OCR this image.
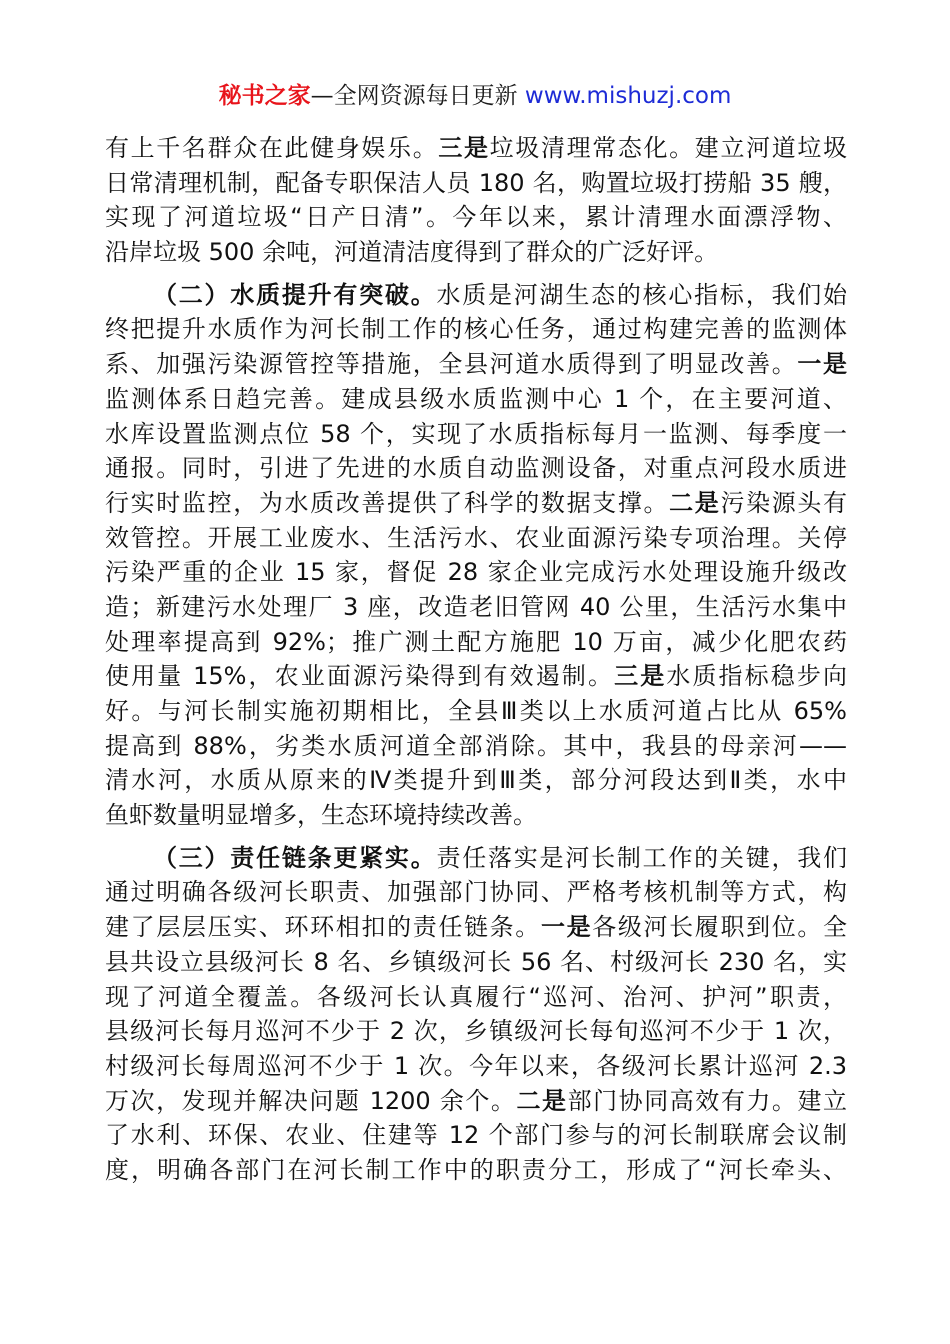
秘书之家—全网资源每日更新 www.mishuzj.com
有上千名群众在此健身娱乐。三是垃圾清理常态化。建立河道垃圾
日常清理机制，配备专职保洁人员 180 名，购置垃圾打捞船 35 艘，
实现了河道垃圾“日产日清”。今年以来，累计清理水面漂浮物、
沿岸垃圾 500 余吨，河道清洁度得到了群众的广泛好评。
（二）水质提升有突破。水质是河湖生态的核心指标，我们始
终把提升水质作为河长制工作的核心任务，通过构建完善的监测体
系、加强污染源管控等措施，全县河道水质得到了明显改善。一是
监测体系日趋完善。建成县级水质监测中心 1 个，在主要河道、
水库设置监测点位 58 个，实现了水质指标每月一监测、每季度一
通报。同时，引进了先进的水质自动监测设备，对重点河段水质进
行实时监控，为水质改善提供了科学的数据支撑。二是污染源头有
效管控。开展工业废水、生活污水、农业面源污染专项治理。关停
污染严重的企业 15 家，督促 28 家企业完成污水处理设施升级改
造；新建污水处理厂 3 座，改造老旧管网 40 公里，生活污水集中
处理率提高到 92%；推广测土配方施肥 10 万亩，减少化肥农药
使用量 15%，农业面源污染得到有效遏制。三是水质指标稳步向
好。与河长制实施初期相比，全县Ⅲ类以上水质河道占比从 65%
提高到 88%，劣类水质河道全部消除。其中，我县的母亲河——
清水河，水质从原来的Ⅳ类提升到Ⅲ类，部分河段达到Ⅱ类，水中
鱼虾数量明显增多，生态环境持续改善。
（三）责任链条更紧实。责任落实是河长制工作的关键，我们
通过明确各级河长职责、加强部门协同、严格考核机制等方式，构
建了层层压实、环环相扣的责任链条。一是各级河长履职到位。全
县共设立县级河长 8 名、乡镇级河长 56 名、村级河长 230 名，实
现了河道全覆盖。各级河长认真履行“巡河、治河、护河”职责，
县级河长每月巡河不少于 2 次，乡镇级河长每旬巡河不少于 1 次，
村级河长每周巡河不少于 1 次。今年以来，各级河长累计巡河 2.3
万次，发现并解决问题 1200 余个。二是部门协同高效有力。建立
了水利、环保、农业、住建等 12 个部门参与的河长制联席会议制
度，明确各部门在河长制工作中的职责分工，形成了“河长牵头、
